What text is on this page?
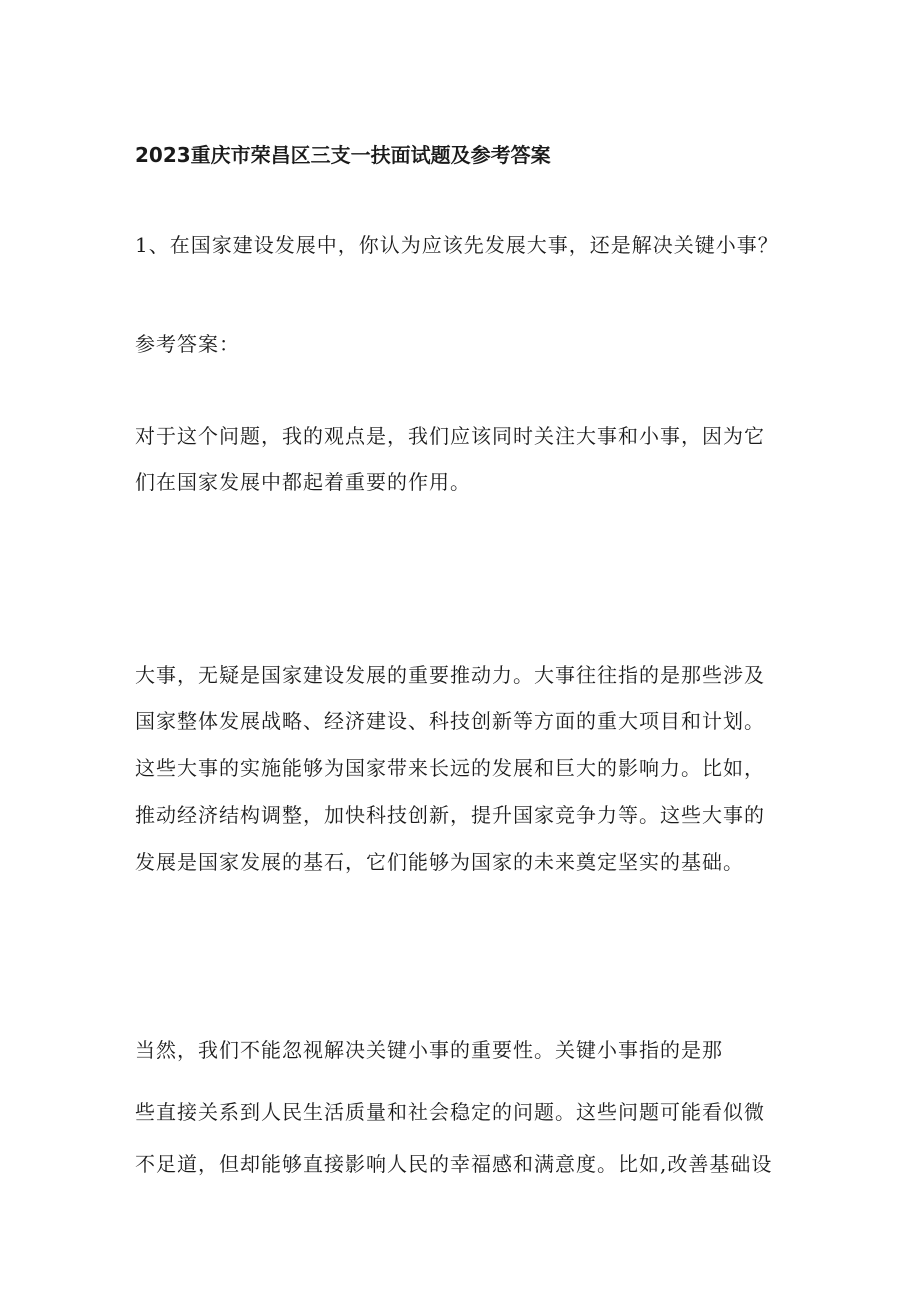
2023重庆市荣昌区三支一扶面试题及参考答案
1、在国家建设发展中，你认为应该先发展大事，还是解决关键小事？
参考答案：
对于这个问题，我的观点是，我们应该同时关注大事和小事，因为它
们在国家发展中都起着重要的作用。
大事，无疑是国家建设发展的重要推动力。大事往往指的是那些涉及
国家整体发展战略、经济建设、科技创新等方面的重大项目和计划。
这些大事的实施能够为国家带来长远的发展和巨大的影响力。比如，
推动经济结构调整，加快科技创新，提升国家竞争力等。这些大事的
发展是国家发展的基石，它们能够为国家的未来奠定坚实的基础。
当然，我们不能忽视解决关键小事的重要性。关键小事指的是那
些直接关系到人民生活质量和社会稳定的问题。这些问题可能看似微
不足道，但却能够直接影响人民的幸福感和满意度。比如,改善基础设
